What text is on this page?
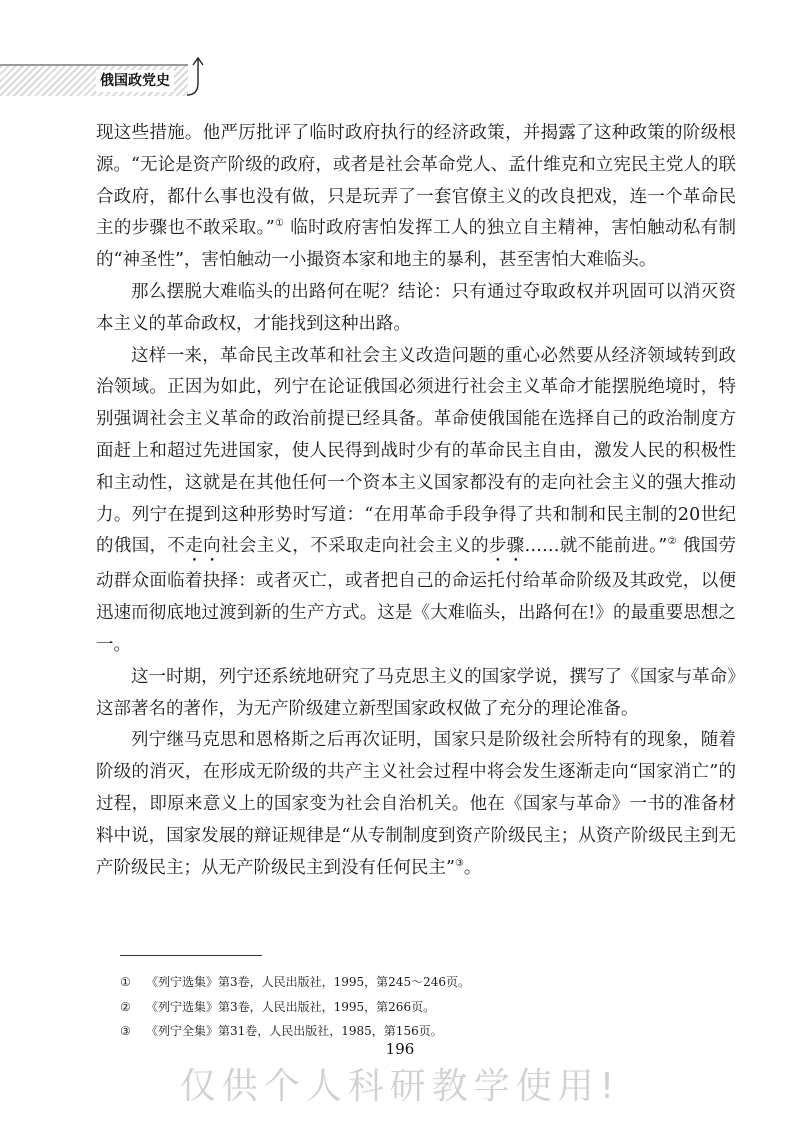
俄国政党史

现这些措施。他严厉批评了临时政府执行的经济政策，并揭露了这种政策的阶级根源。“无论是资产阶级的政府，或者是社会革命党人、孟什维克和立宪民主党人的联合政府，都什么事也没有做，只是玩弄了一套官僚主义的改良把戏，连一个革命民主的步骤也不敢采取。”① 临时政府害怕发挥工人的独立自主精神，害怕触动私有制的“神圣性”，害怕触动一小撮资本家和地主的暴利，甚至害怕大难临头。

那么摆脱大难临头的出路何在呢？结论：只有通过夺取政权并巩固可以消灭资本主义的革命政权，才能找到这种出路。

这样一来，革命民主改革和社会主义改造问题的重心必然要从经济领域转到政治领域。正因为如此，列宁在论证俄国必须进行社会主义革命才能摆脱绝境时，特别强调社会主义革命的政治前提已经具备。革命使俄国能在选择自己的政治制度方面赶上和超过先进国家，使人民得到战时少有的革命民主自由，激发人民的积极性和主动性，这就是在其他任何一个资本主义国家都没有的走向社会主义的强大推动力。列宁在提到这种形势时写道：“在用革命手段争得了共和制和民主制的20世纪的俄国，不走向社会主义，不采取走向社会主义的步骤……就不能前进。”② 俄国劳动群众面临着抉择：或者灭亡，或者把自己的命运托付给革命阶级及其政党，以便迅速而彻底地过渡到新的生产方式。这是《大难临头，出路何在!》的最重要思想之一。

这一时期，列宁还系统地研究了马克思主义的国家学说，撰写了《国家与革命》这部著名的著作，为无产阶级建立新型国家政权做了充分的理论准备。

列宁继马克思和恩格斯之后再次证明，国家只是阶级社会所特有的现象，随着阶级的消灭，在形成无阶级的共产主义社会过程中将会发生逐渐走向“国家消亡”的过程，即原来意义上的国家变为社会自治机关。他在《国家与革命》一书的准备材料中说，国家发展的辩证规律是“从专制制度到资产阶级民主；从资产阶级民主到无产阶级民主；从无产阶级民主到没有任何民主”③。

① 《列宁选集》第3卷，人民出版社，1995，第245～246页。
② 《列宁选集》第3卷，人民出版社，1995，第266页。
③ 《列宁全集》第31卷，人民出版社，1985，第156页。
196
仅供个人科研教学使用!
